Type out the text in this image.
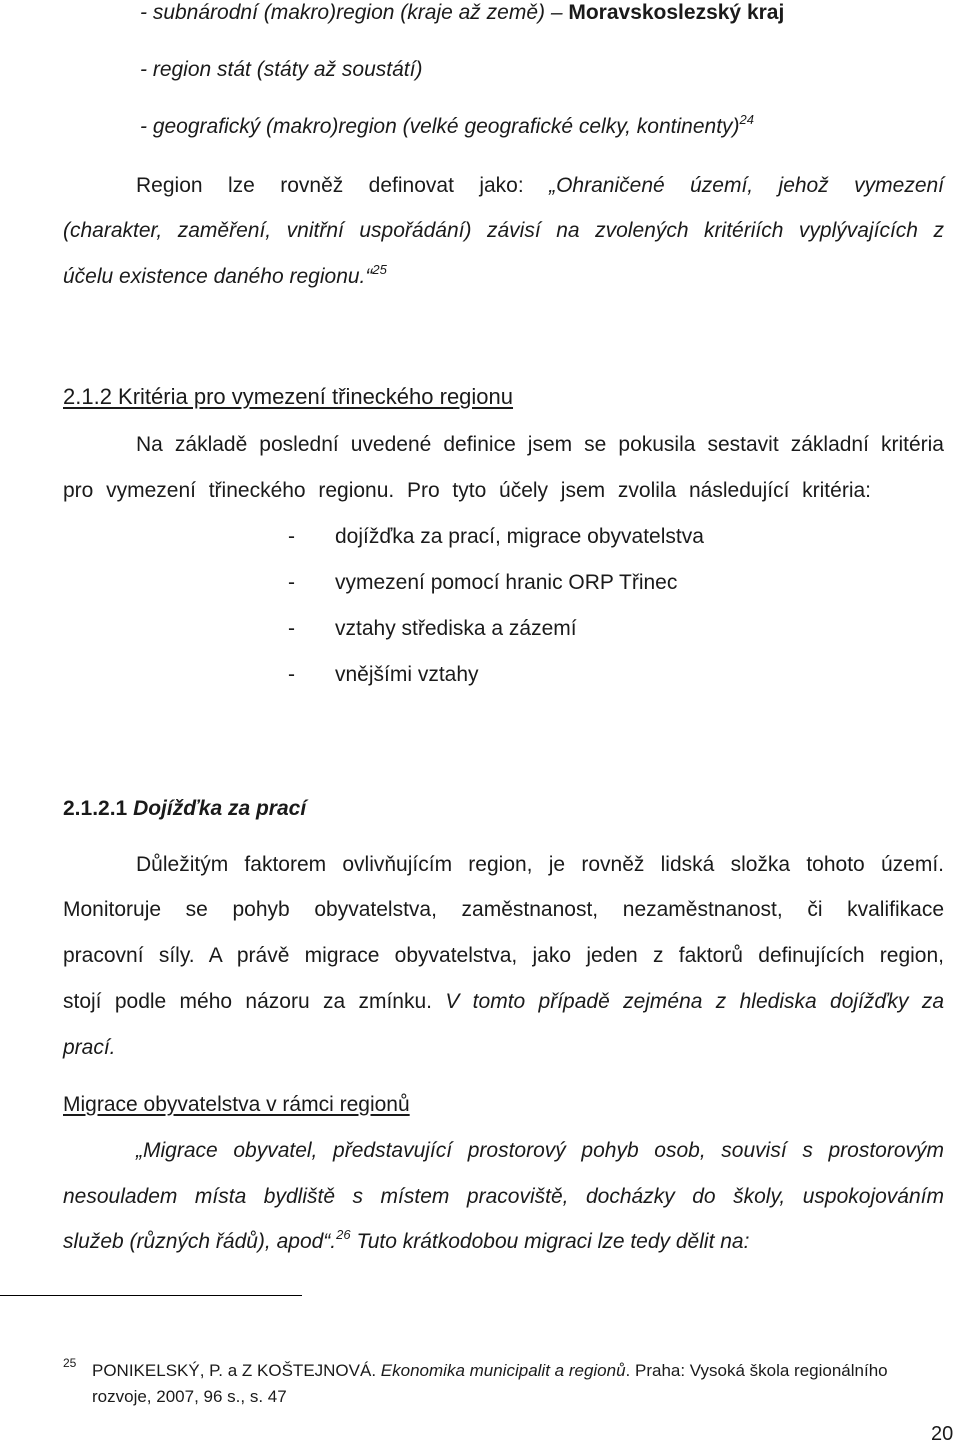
- subnárodní (makro)region (kraje až země) – Moravskoslezský kraj
- region stát (státy až soustátí)
- geografický (makro)region (velké geografické celky, kontinenty)$^{24}$
Region lze rovněž definovat jako: „Ohraničené území, jehož vymezení
(charakter, zaměření, vnitřní uspořádání) závisí na zvolených kritériích vyplývajících z
účelu existence daného regionu.“$^{25}$
2.1.2 Kritéria pro vymezení třineckého regionu
Na základě poslední uvedené definice jsem se pokusila sestavit základní kritéria
pro vymezení třineckého regionu. Pro tyto účely jsem zvolila následující kritéria:
- dojížďka za prací, migrace obyvatelstva
- vymezení pomocí hranic ORP Třinec
- vztahy střediska a zázemí
- vnějšími vztahy
2.1.2.1 Dojížďka za prací
Důležitým faktorem ovlivňujícím region, je rovněž lidská složka tohoto území.
Monitoruje se pohyb obyvatelstva, zaměstnanost, nezaměstnanost, či kvalifikace
pracovní síly. A právě migrace obyvatelstva, jako jeden z faktorů definujících region,
stojí podle mého názoru za zmínku. V tomto případě zejména z hlediska dojížďky za
prací.
Migrace obyvatelstva v rámci regionů
„Migrace obyvatel, představující prostorový pohyb osob, souvisí s prostorovým
nesouladem místa bydliště s místem pracoviště, docházky do školy, uspokojováním
služeb (různých řádů), apod“.$^{26}$ Tuto krátkodobou migraci lze tedy dělit na:
25 PONIKELSKÝ, P. a Z KOŠTEJNOVÁ. Ekonomika municipalit a regionů. Praha: Vysoká škola regionálního
rozvoje, 2007, 96 s., s. 47
20
